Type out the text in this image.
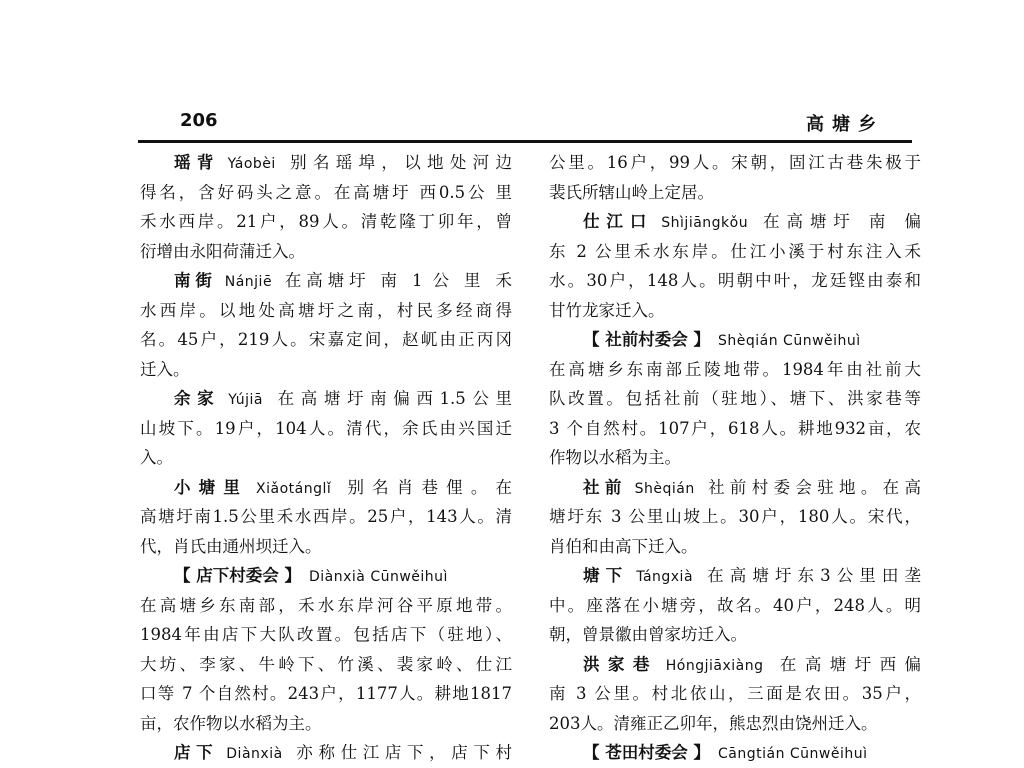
206	高塘乡
瑶背 Yáobèi 别名瑶埠，以地处河边
得名，含好码头之意。在高塘圩 西0.5公 里
禾水西岸。21户，89人。清乾隆丁卯年，曾
衍增由永阳荷蒲迁入。
南街 Nánjiē 在高塘圩 南 1 公 里 禾
水西岸。以地处高塘圩之南，村民多经商得
名。45户，219人。宋嘉定间，赵屼由正丙冈
迁入。
余家 Yújiā 在高塘圩南偏西1.5公里
山坡下。19户，104人。清代，余氏由兴国迁
入。
小塘里 Xiǎotánglǐ 别名肖巷俚。在
高塘圩南1.5公里禾水西岸。25户，143人。清
代，肖氏由通州坝迁入。
【 店下村委会 】 Diànxià Cūnwěihuì
在高塘乡东南部，禾水东岸河谷平原地带。
1984年由店下大队改置。包括店下（驻地）、
大坊、李家、牛岭下、竹溪、裴家岭、仕江
口等 7 个自然村。243户，1177人。耕地1817
亩，农作物以水稻为主。
店下 Diànxià 亦称仕江店下，店下村
公里。16户，99人。宋朝，固江古巷朱极于
裴氏所辖山岭上定居。
仕江口 Shìjiāngkǒu 在高塘圩 南 偏
东 2 公里禾水东岸。仕江小溪于村东注入禾
水。30户，148人。明朝中叶，龙廷铿由泰和
甘竹龙家迁入。
【 社前村委会 】 Shèqián Cūnwěihuì
在高塘乡东南部丘陵地带。1984年由社前大
队改置。包括社前（驻地）、塘下、洪家巷等
3 个自然村。107户，618人。耕地932亩，农
作物以水稻为主。
社前 Shèqián 社前村委会驻地。在高
塘圩东 3 公里山坡上。30户，180人。宋代，
肖伯和由高下迁入。
塘下 Tángxià 在高塘圩东3公里田垄
中。座落在小塘旁，故名。40户，248人。明
朝，曾景徽由曾家坊迁入。
洪家巷 Hóngjiāxiàng 在高塘圩西偏
南 3 公里。村北依山，三面是农田。35户，
203人。清雍正乙卯年，熊忠烈由饶州迁入。
【 苍田村委会 】 Cāngtián Cūnwěihuì
